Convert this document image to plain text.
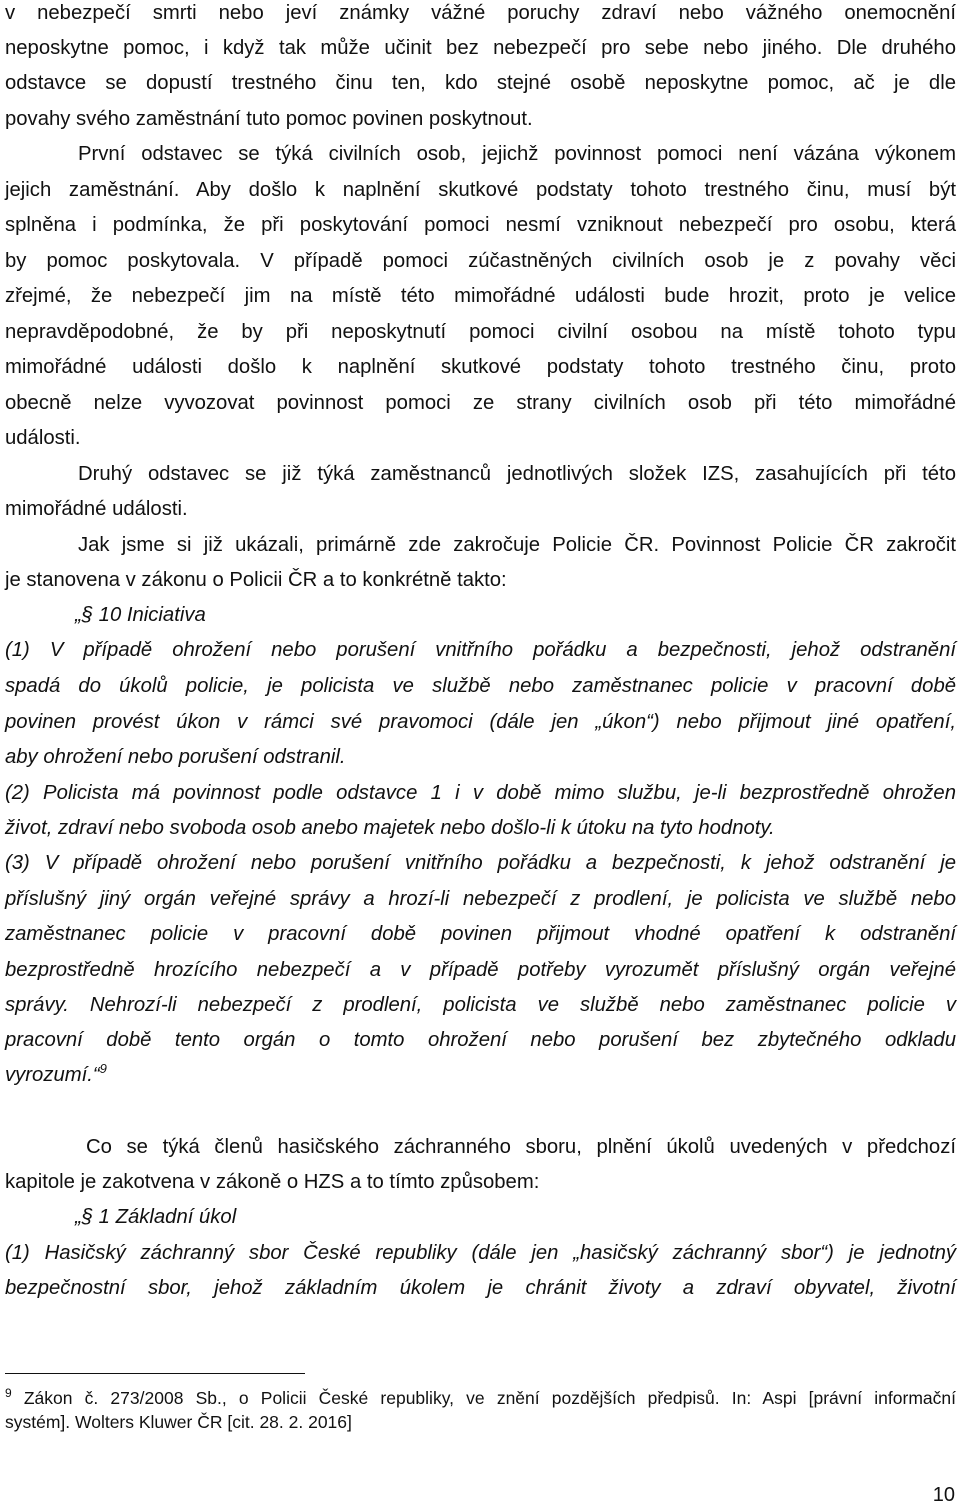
v nebezpečí smrti nebo jeví známky vážné poruchy zdraví nebo vážného onemocnění
neposkytne pomoc, i když tak může učinit bez nebezpečí pro sebe nebo jiného. Dle druhého
odstavce se dopustí trestného činu ten, kdo stejné osobě neposkytne pomoc, ač je dle
povahy svého zaměstnání tuto pomoc povinen poskytnout.
První odstavec se týká civilních osob, jejichž povinnost pomoci není vázána výkonem
jejich zaměstnání. Aby došlo k naplnění skutkové podstaty tohoto trestného činu, musí být
splněna i podmínka, že při poskytování pomoci nesmí vzniknout nebezpečí pro osobu, která
by pomoc poskytovala. V případě pomoci zúčastněných civilních osob je z povahy věci
zřejmé, že nebezpečí jim na místě této mimořádné události bude hrozit, proto je velice
nepravděpodobné, že by při neposkytnutí pomoci civilní osobou na místě tohoto typu
mimořádné události došlo k naplnění skutkové podstaty tohoto trestného činu, proto
obecně nelze vyvozovat povinnost pomoci ze strany civilních osob při této mimořádné
události.
Druhý odstavec se již týká zaměstnanců jednotlivých složek IZS, zasahujících při této
mimořádné události.
Jak jsme si již ukázali, primárně zde zakročuje Policie ČR. Povinnost Policie ČR zakročit
je stanovena v zákonu o Policii ČR a to konkrétně takto:
„§ 10 Iniciativa
(1) V případě ohrožení nebo porušení vnitřního pořádku a bezpečnosti, jehož odstranění
spadá do úkolů policie, je policista ve službě nebo zaměstnanec policie v pracovní době
povinen provést úkon v rámci své pravomoci (dále jen „úkon“) nebo přijmout jiné opatření,
aby ohrožení nebo porušení odstranil.
(2) Policista má povinnost podle odstavce 1 i v době mimo službu, je-li bezprostředně ohrožen
život, zdraví nebo svoboda osob anebo majetek nebo došlo-li k útoku na tyto hodnoty.
(3) V případě ohrožení nebo porušení vnitřního pořádku a bezpečnosti, k jehož odstranění je
příslušný jiný orgán veřejné správy a hrozí-li nebezpečí z prodlení, je policista ve službě nebo
zaměstnanec policie v pracovní době povinen přijmout vhodné opatření k odstranění
bezprostředně hrozícího nebezpečí a v případě potřeby vyrozumět příslušný orgán veřejné
správy. Nehrozí-li nebezpečí z prodlení, policista ve službě nebo zaměstnanec policie v
pracovní době tento orgán o tomto ohrožení nebo porušení bez zbytečného odkladu
vyrozumí.“$^9$
Co se týká členů hasičského záchranného sboru, plnění úkolů uvedených v předchozí
kapitole je zakotvena v zákoně o HZS a to tímto způsobem:
„§ 1 Základní úkol
(1) Hasičský záchranný sbor České republiky (dále jen „hasičský záchranný sbor“) je jednotný
bezpečnostní sbor, jehož základním úkolem je chránit životy a zdraví obyvatel, životní
$^9$ Zákon č. 273/2008 Sb., o Policii České republiky, ve znění pozdějších předpisů. In: Aspi [právní informační
systém]. Wolters Kluwer ČR [cit. 28. 2. 2016]
10
